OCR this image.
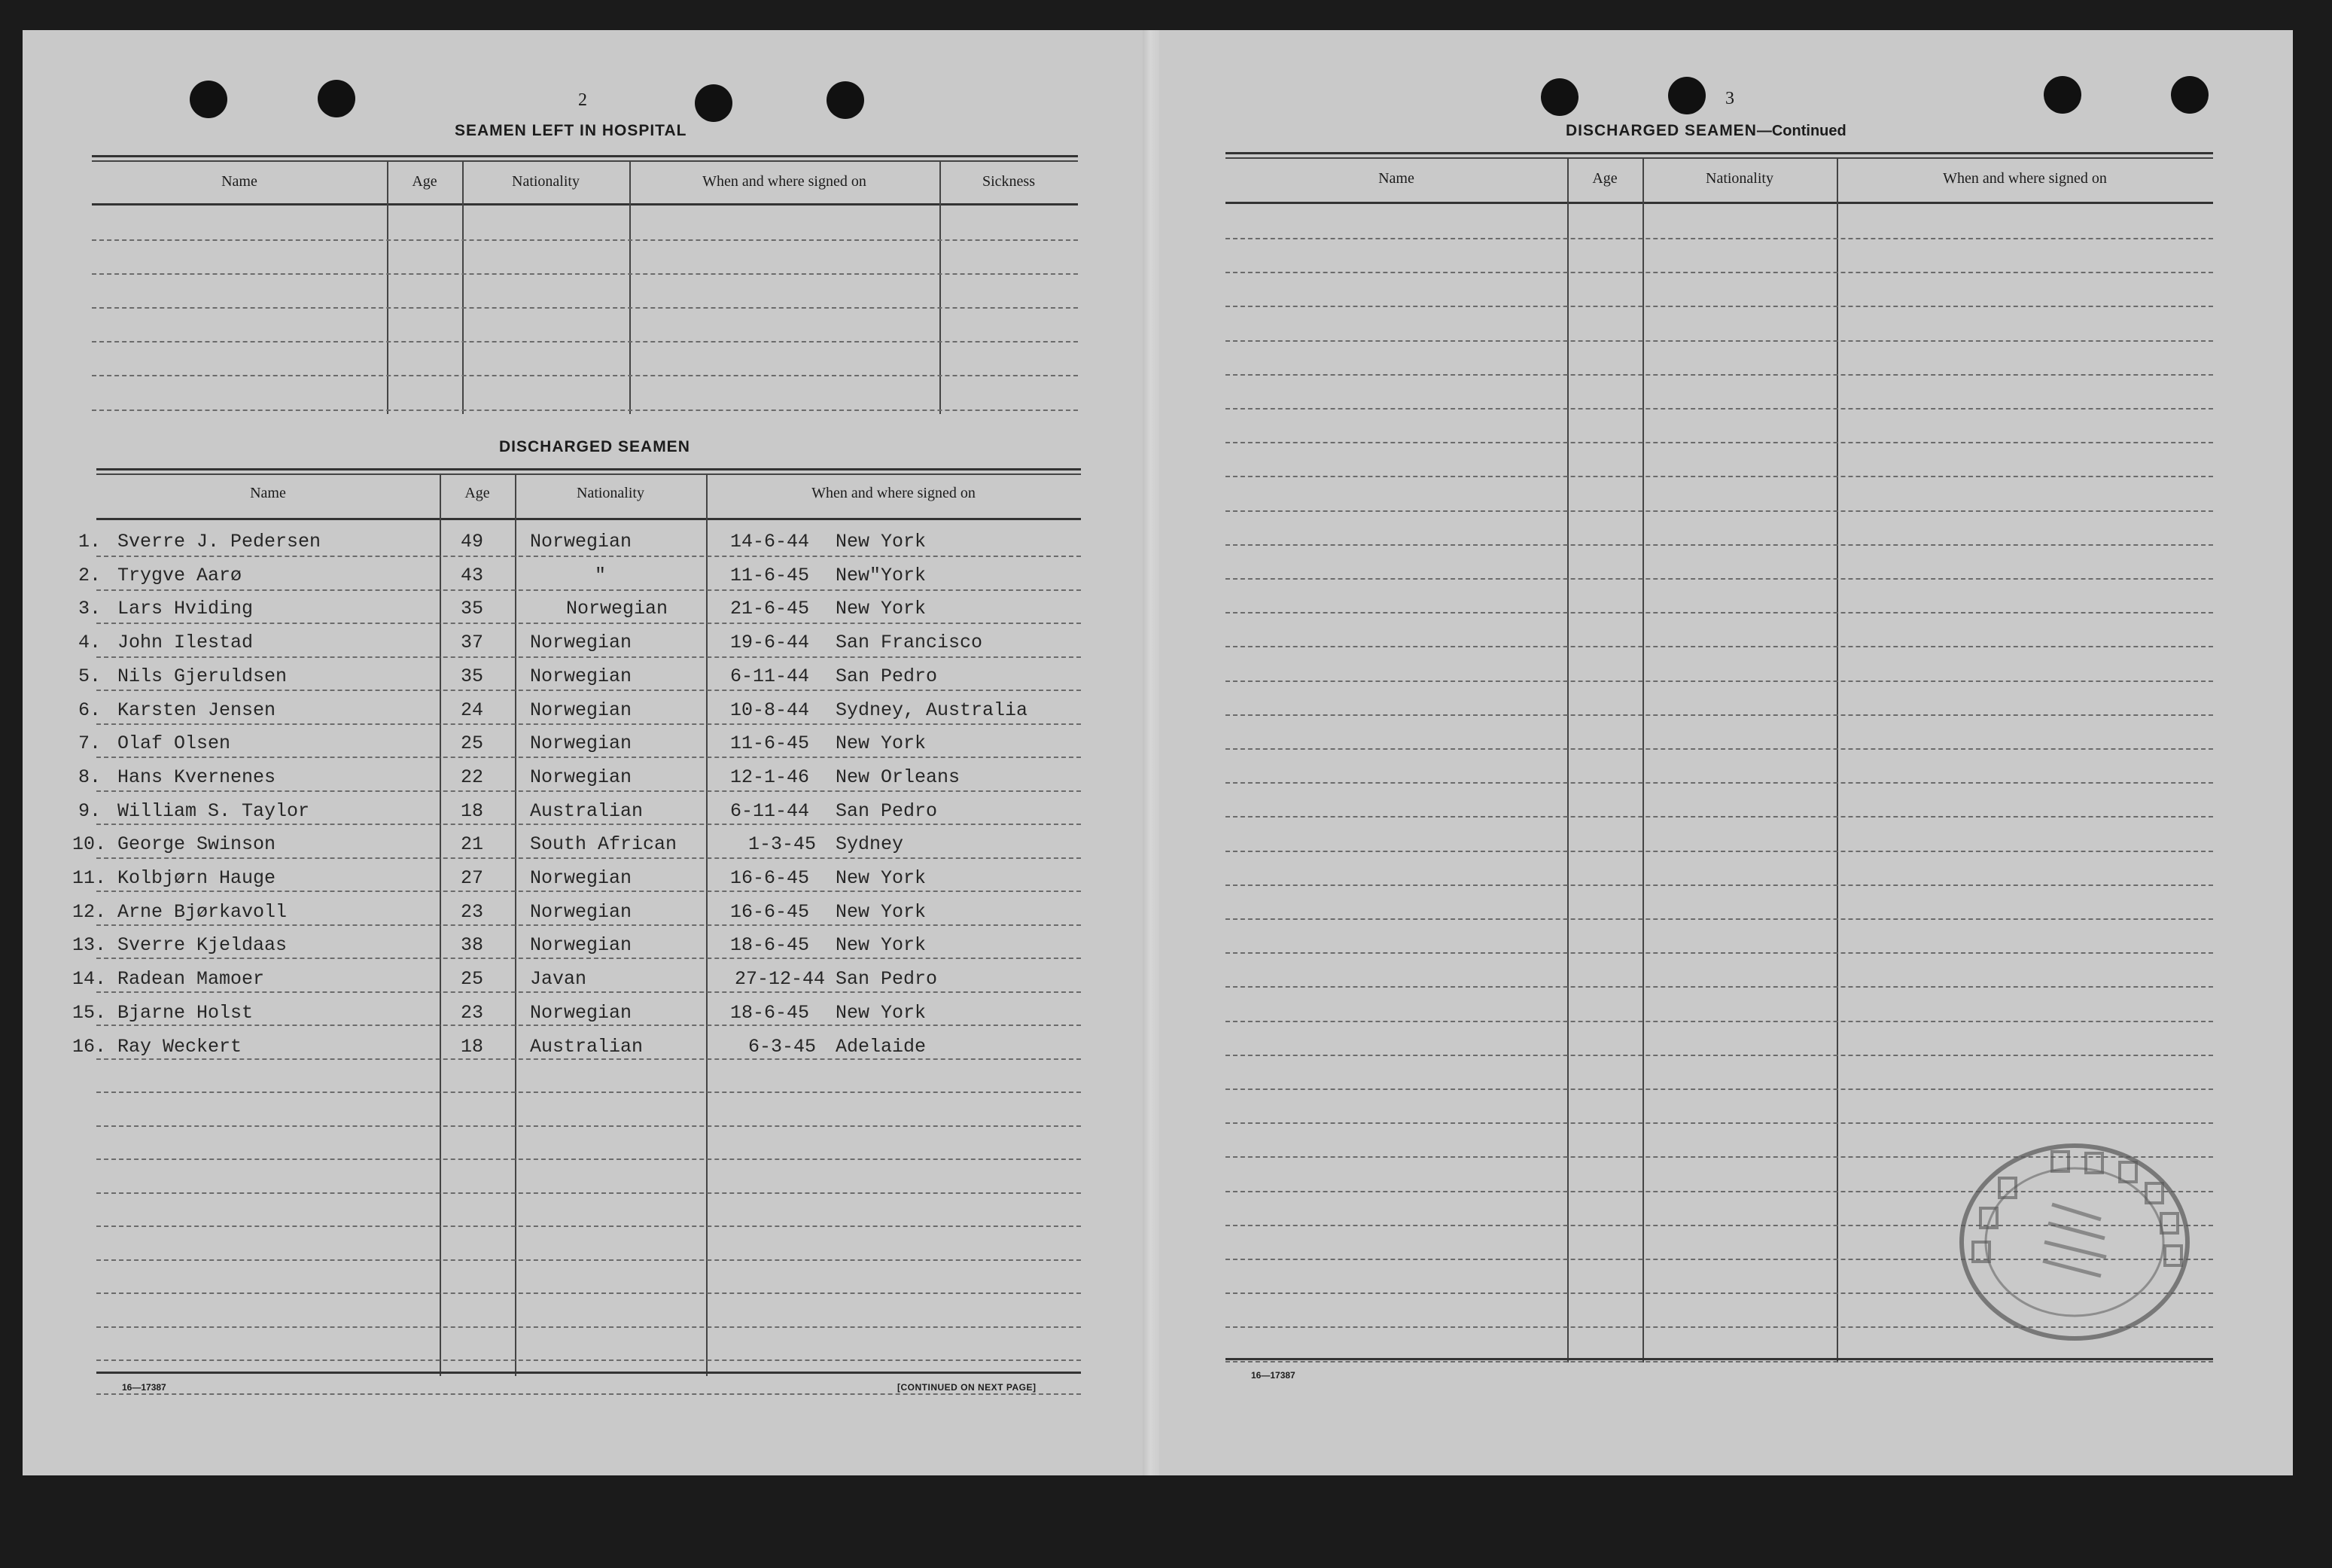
2
SEAMEN LEFT IN HOSPITAL
Name	Age	Nationality	When and where signed on	Sickness
DISCHARGED SEAMEN
Name	Age	Nationality	When and where signed on
1. Sverre J. Pedersen	49 Norwegian	14-6-44 New York
2. Trygve Aarø	43	"	11-6-45 New"York
3. Lars Hviding	35	Norwegian	21-6-45 New York
4. John Ilestad	37 Norwegian	19-6-44 San Francisco
5. Nils Gjeruldsen	35 Norwegian	6-11-44 San Pedro
6. Karsten Jensen	24 Norwegian	10-8-44 Sydney, Australia
7. Olaf Olsen	25 Norwegian	11-6-45 New York
8. Hans Kvernenes	22 Norwegian	12-1-46 New Orleans
9. William S. Taylor	18 Australian	6-11-44 San Pedro
10. George Swinson	21 South African	1-3-45 Sydney
11. Kolbjørn Hauge	27 Norwegian	16-6-45 New York
12. Arne Bjørkavoll	23 Norwegian	16-6-45 New York
13. Sverre Kjeldaas	38 Norwegian	18-6-45 New York
14. Radean Mamoer	25 Javan	27-12-44 San Pedro
15. Bjarne Holst	23 Norwegian	18-6-45 New York
16. Ray Weckert	18 Australian	6-3-45 Adelaide
16—17387	[CONTINUED ON NEXT PAGE]
3
DISCHARGED SEAMEN—Continued
Name	Age	Nationality	When and where signed on
16—17387
